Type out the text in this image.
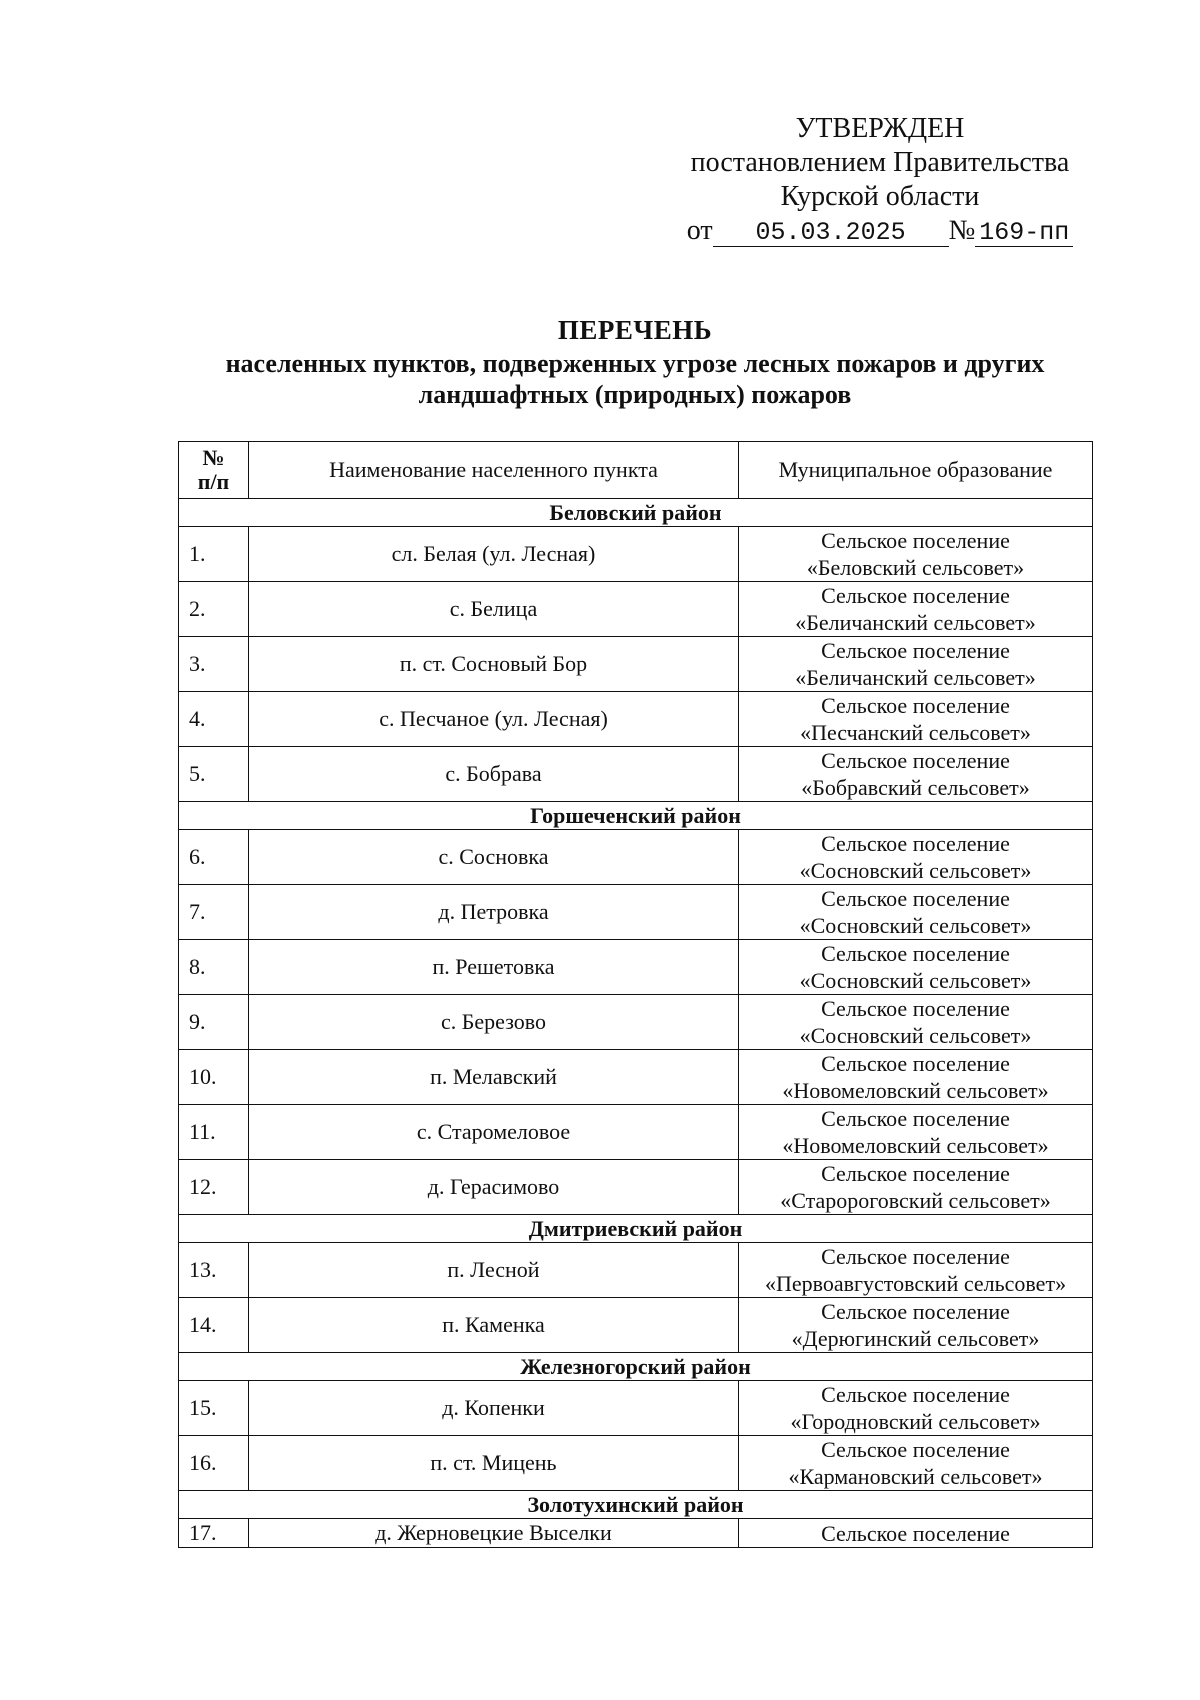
УТВЕРЖДЕН
постановлением Правительства
Курской области
от	05.03.2025	№ 169-пп
ПЕРЕЧЕНЬ
населенных пунктов, подверженных угрозе лесных пожаров и других
ландшафтных (природных) пожаров
№
п/п	Наименование населенного пункта	Муниципальное образование
Беловский район		
1.	сл. Белая (ул. Лесная)	Сельское поселение
«Беловский сельсовет»

2.	с. Белица	Сельское поселение
«Беличанский сельсовет»

3.	п. ст. Сосновый Бор	Сельское поселение
«Беличанский сельсовет»

4.	с. Песчаное (ул. Лесная)	Сельское поселение
«Песчанский сельсовет»

5.	с. Бобрава	Сельское поселение
«Бобравский сельсовет»

Горшеченский район		
6.	с. Сосновка	Сельское поселение
«Сосновский сельсовет»

7.	д. Петровка	Сельское поселение
«Сосновский сельсовет»

8.	п. Решетовка	Сельское поселение
«Сосновский сельсовет»

9.	с. Березово	Сельское поселение
«Сосновский сельсовет»

10.	п. Мелавский	Сельское поселение
«Новомеловский сельсовет»

11.	с. Старомеловое	Сельское поселение
«Новомеловский сельсовет»

12.	д. Герасимово	Сельское поселение
«Старороговский сельсовет»

Дмитриевский район		
13.	п. Лесной	Сельское поселение
«Первоавгустовский сельсовет»

14.	п. Каменка	Сельское поселение
«Дерюгинский сельсовет»

Железногорский район		
15.	д. Копенки	Сельское поселение
«Городновский сельсовет»

16.	п. ст. Мицень	Сельское поселение
«Кармановский сельсовет»

Золотухинский район		
17.	д. Жерновецкие Выселки	Сельское поселение
